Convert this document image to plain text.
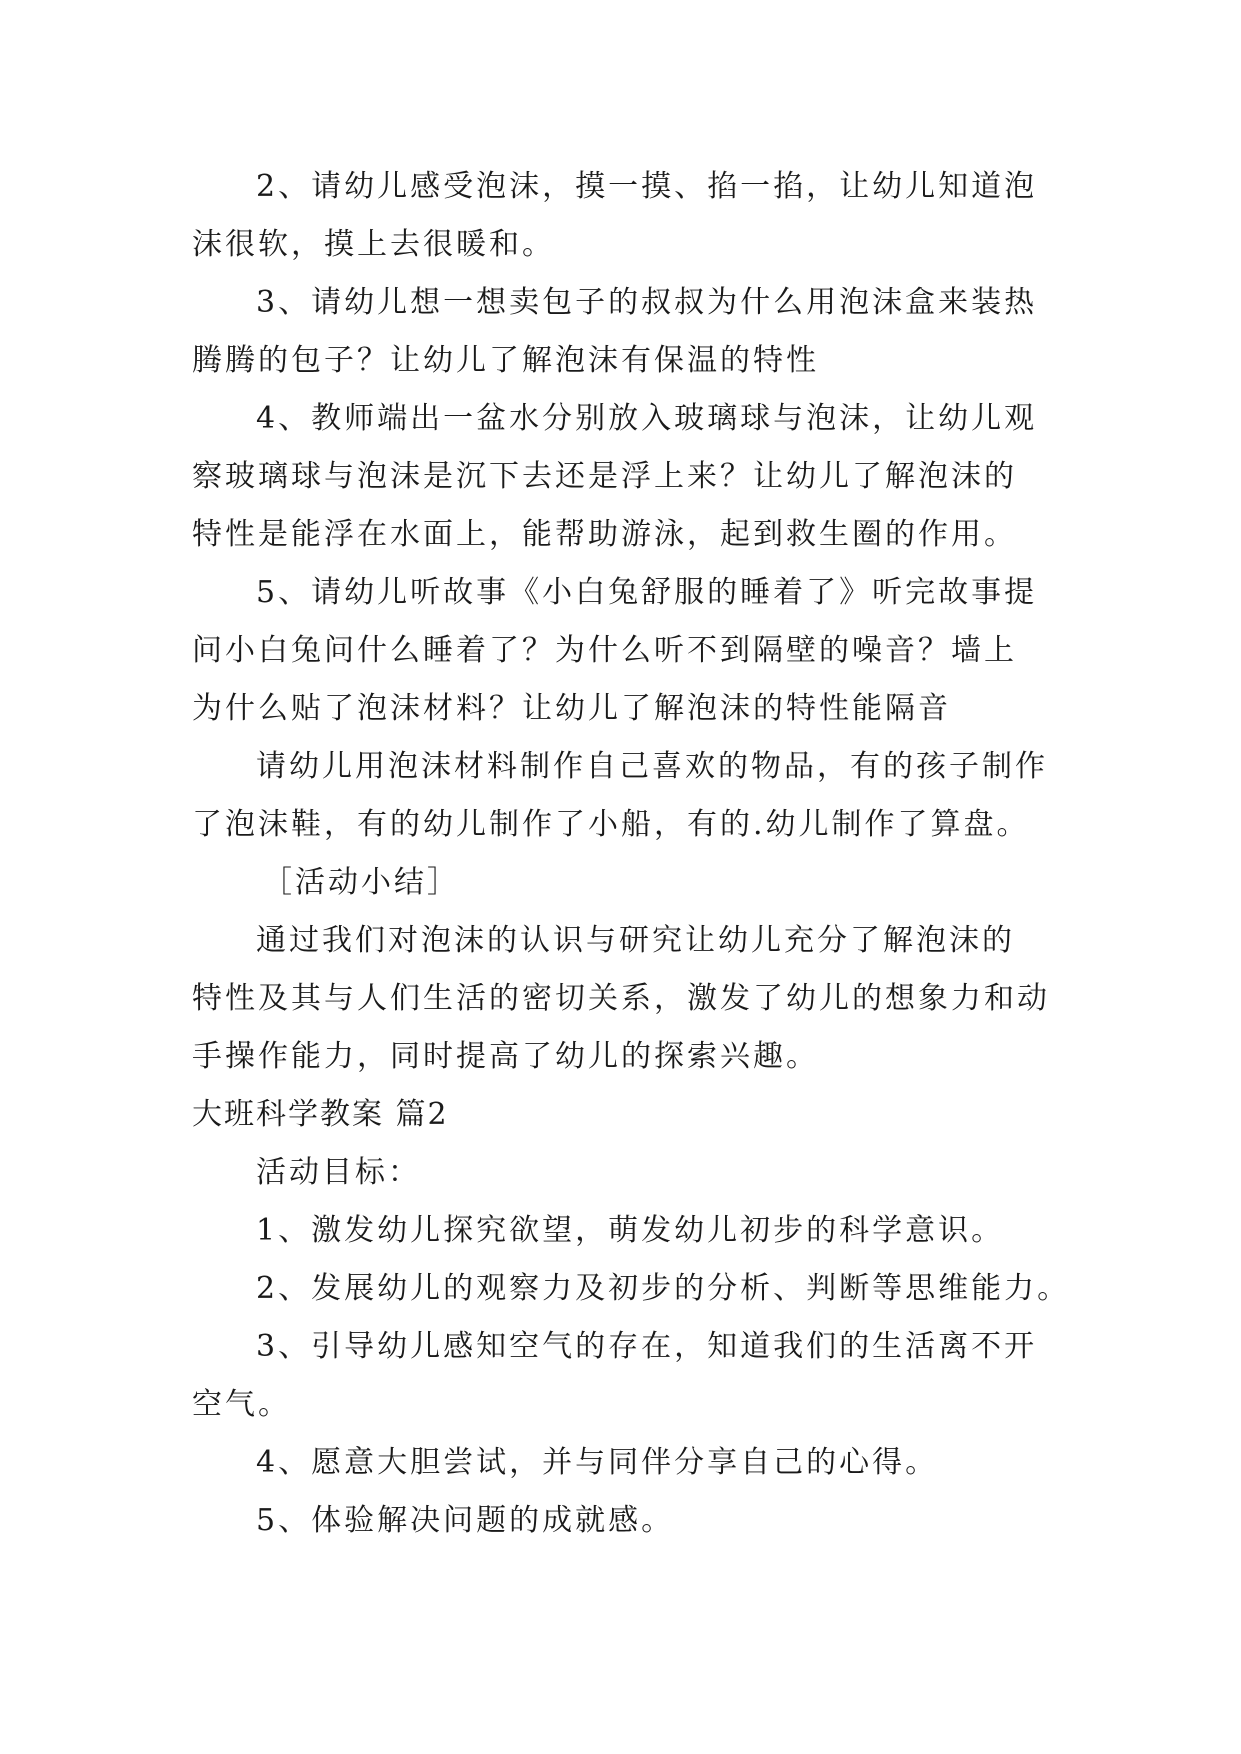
2、请幼儿感受泡沫，摸一摸、掐一掐，让幼儿知道泡
沫很软，摸上去很暖和。
3、请幼儿想一想卖包子的叔叔为什么用泡沫盒来装热
腾腾的包子？让幼儿了解泡沫有保温的特性
4、教师端出一盆水分别放入玻璃球与泡沫，让幼儿观
察玻璃球与泡沫是沉下去还是浮上来？让幼儿了解泡沫的
特性是能浮在水面上，能帮助游泳，起到救生圈的作用。
5、请幼儿听故事《小白兔舒服的睡着了》听完故事提
问小白兔问什么睡着了？为什么听不到隔壁的噪音？墙上
为什么贴了泡沫材料？让幼儿了解泡沫的特性能隔音
请幼儿用泡沫材料制作自己喜欢的物品，有的孩子制作
了泡沫鞋，有的幼儿制作了小船，有的.幼儿制作了算盘。
［活动小结］
通过我们对泡沫的认识与研究让幼儿充分了解泡沫的
特性及其与人们生活的密切关系，激发了幼儿的想象力和动
手操作能力，同时提高了幼儿的探索兴趣。
大班科学教案 篇2
活动目标：
1、激发幼儿探究欲望，萌发幼儿初步的科学意识。
2、发展幼儿的观察力及初步的分析、判断等思维能力。
3、引导幼儿感知空气的存在，知道我们的生活离不开
空气。
4、愿意大胆尝试，并与同伴分享自己的心得。
5、体验解决问题的成就感。
